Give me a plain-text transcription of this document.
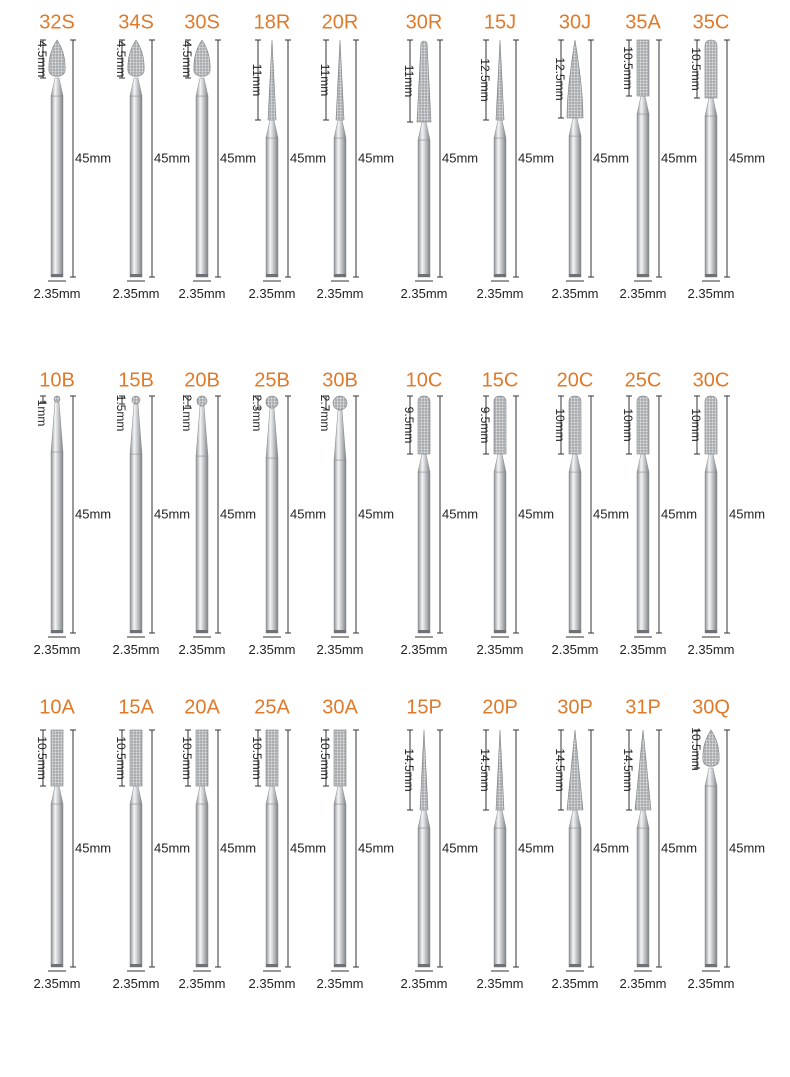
32S
4.5mm
45mm
2.35mm
34S
4.5mm
45mm
2.35mm
30S
4.5mm
45mm
2.35mm
18R
11mm
45mm
2.35mm
20R
11mm
45mm
2.35mm
30R
11mm
45mm
2.35mm
15J
12.5mm
45mm
2.35mm
30J
12.5mm
45mm
2.35mm
35A
10.5mm
45mm
2.35mm
35C
10.5mm
45mm
2.35mm
10B
1mm
45mm
2.35mm
15B
1.5mm
45mm
2.35mm
20B
2.1mm
45mm
2.35mm
25B
2.3mm
45mm
2.35mm
30B
2.7mm
45mm
2.35mm
10C
9.5mm
45mm
2.35mm
15C
9.5mm
45mm
2.35mm
20C
10mm
45mm
2.35mm
25C
10mm
45mm
2.35mm
30C
10mm
45mm
2.35mm
10A
10.5mm
45mm
2.35mm
15A
10.5mm
45mm
2.35mm
20A
10.5mm
45mm
2.35mm
25A
10.5mm
45mm
2.35mm
30A
10.5mm
45mm
2.35mm
15P
14.5mm
45mm
2.35mm
20P
14.5mm
45mm
2.35mm
30P
14.5mm
45mm
2.35mm
31P
14.5mm
45mm
2.35mm
30Q
10.5mm
45mm
2.35mm
